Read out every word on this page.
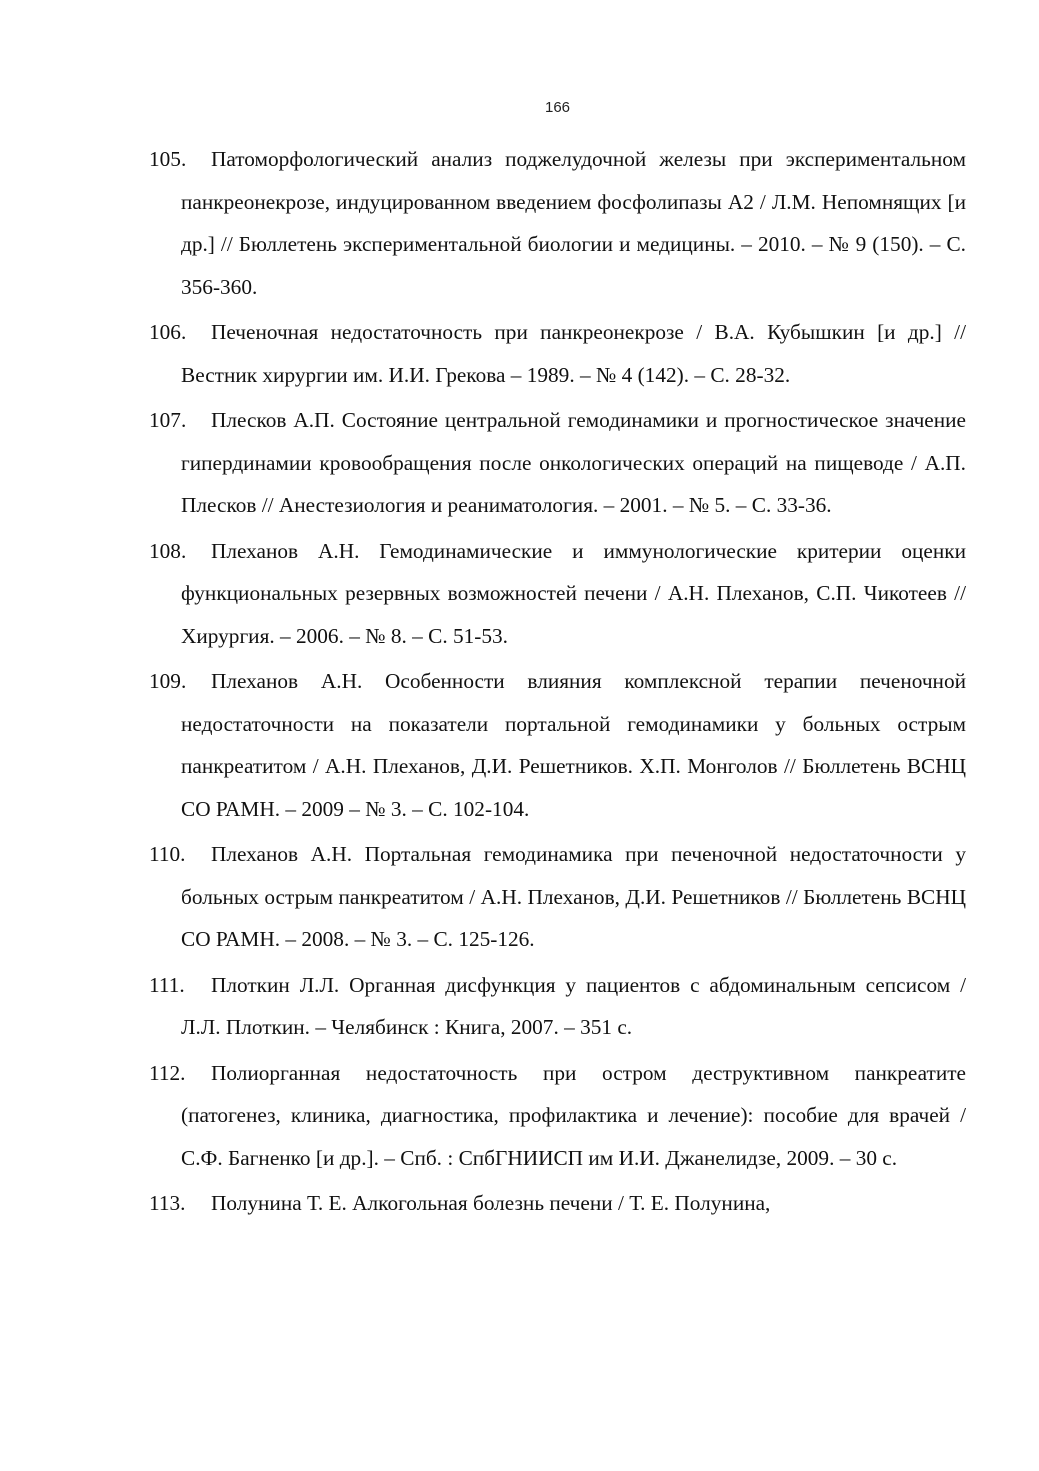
166
105. Патоморфологический анализ поджелудочной железы при экспериментальном панкреонекрозе, индуцированном введением фосфолипазы А2 / Л.М. Непомнящих [и др.] // Бюллетень экспериментальной биологии и медицины. – 2010. – № 9 (150). – С. 356-360.
106. Печеночная недостаточность при панкреонекрозе / В.А. Кубышкин [и др.] // Вестник хирургии им. И.И. Грекова – 1989. – № 4 (142). – С. 28-32.
107. Плесков А.П. Состояние центральной гемодинамики и прогностическое значение гипердинамии кровообращения после онкологических операций на пищеводе / А.П. Плесков // Анестезиология и реаниматология. – 2001. – № 5. – С. 33-36.
108. Плеханов А.Н. Гемодинамические и иммунологические критерии оценки функциональных резервных возможностей печени / А.Н. Плеханов, С.П. Чикотеев // Хирургия. – 2006. – № 8. – С. 51-53.
109. Плеханов А.Н. Особенности влияния комплексной терапии печеночной недостаточности на показатели портальной гемодинамики у больных острым панкреатитом / А.Н. Плеханов, Д.И. Решетников. Х.П. Монголов // Бюллетень ВСНЦ СО РАМН. – 2009 – № 3. – С. 102-104.
110. Плеханов А.Н. Портальная гемодинамика при печеночной недостаточности у больных острым панкреатитом / А.Н. Плеханов, Д.И. Решетников // Бюллетень ВСНЦ СО РАМН. – 2008. – № 3. – С. 125-126.
111. Плоткин Л.Л. Органная дисфункция у пациентов с абдоминальным сепсисом / Л.Л. Плоткин. – Челябинск : Книга, 2007. – 351 с.
112. Полиорганная недостаточность при остром деструктивном панкреатите (патогенез, клиника, диагностика, профилактика и лечение): пособие для врачей / С.Ф. Багненко [и др.]. – Спб. : СпбГНИИСП им И.И. Джанелидзе, 2009. – 30 с.
113. Полунина Т. Е. Алкогольная болезнь печени / Т. Е. Полунина,
